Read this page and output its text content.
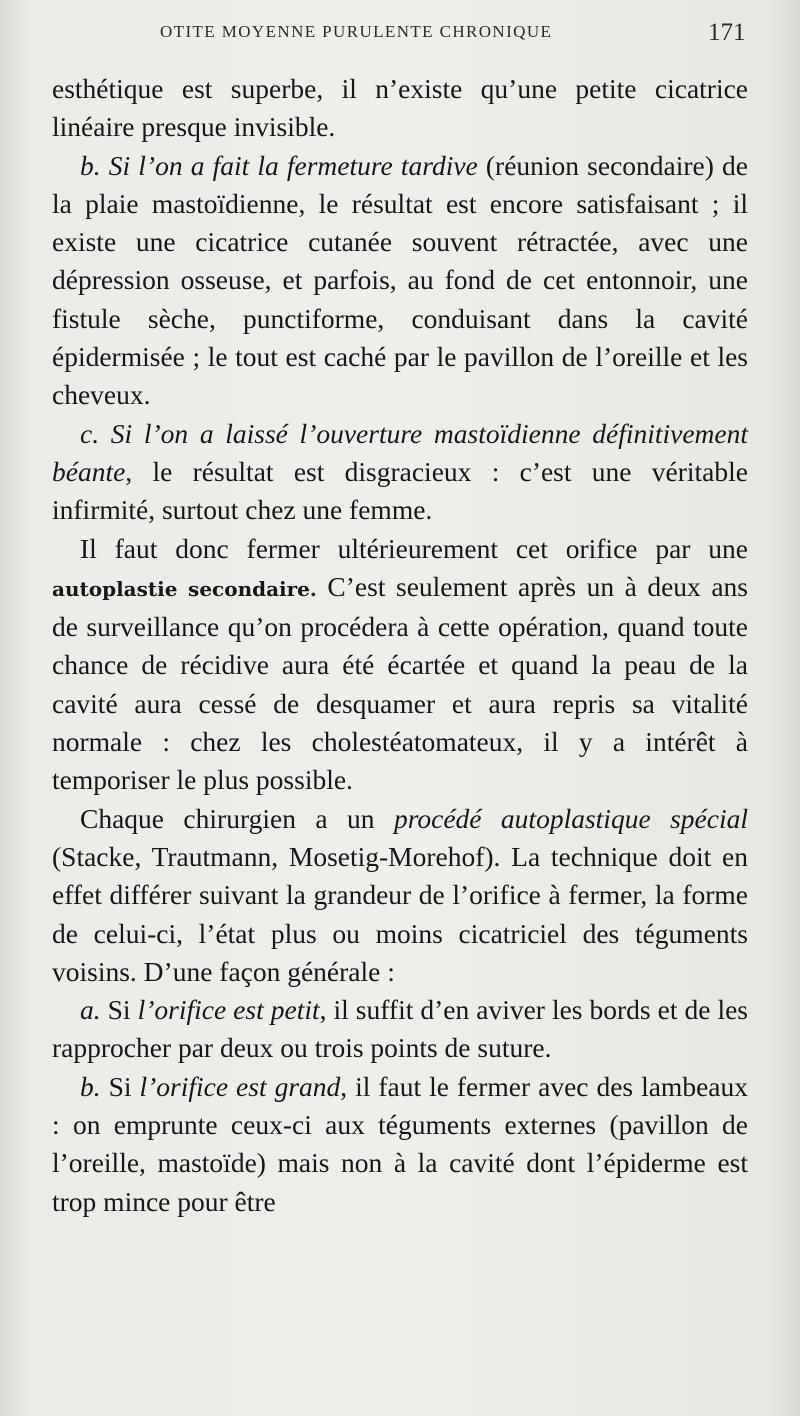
OTITE MOYENNE PURULENTE CHRONIQUE	171

esthétique est superbe, il n’existe qu’une petite cicatrice linéaire presque invisible.

b. Si l’on a fait la fermeture tardive (réunion secondaire) de la plaie mastoïdienne, le résultat est encore satisfaisant ; il existe une cicatrice cutanée souvent rétractée, avec une dépression osseuse, et parfois, au fond de cet entonnoir, une fistule sèche, punctiforme, conduisant dans la cavité épidermisée ; le tout est caché par le pavillon de l’oreille et les cheveux.

c. Si l’on a laissé l’ouverture mastoïdienne définitivement béante, le résultat est disgracieux : c’est une véritable infirmité, surtout chez une femme.

Il faut donc fermer ultérieurement cet orifice par une autoplastie secondaire. C’est seulement après un à deux ans de surveillance qu’on procédera à cette opération, quand toute chance de récidive aura été écartée et quand la peau de la cavité aura cessé de desquamer et aura repris sa vitalité normale : chez les cholestéatomateux, il y a intérêt à temporiser le plus possible.

Chaque chirurgien a un procédé autoplastique spécial (Stacke, Trautmann, Mosetig-Morehof). La technique doit en effet différer suivant la grandeur de l’orifice à fermer, la forme de celui-ci, l’état plus ou moins cicatriciel des téguments voisins. D’une façon générale :

a. Si l’orifice est petit, il suffit d’en aviver les bords et de les rapprocher par deux ou trois points de suture.

b. Si l’orifice est grand, il faut le fermer avec des lambeaux : on emprunte ceux-ci aux téguments externes (pavillon de l’oreille, mastoïde) mais non à la cavité dont l’épiderme est trop mince pour être
